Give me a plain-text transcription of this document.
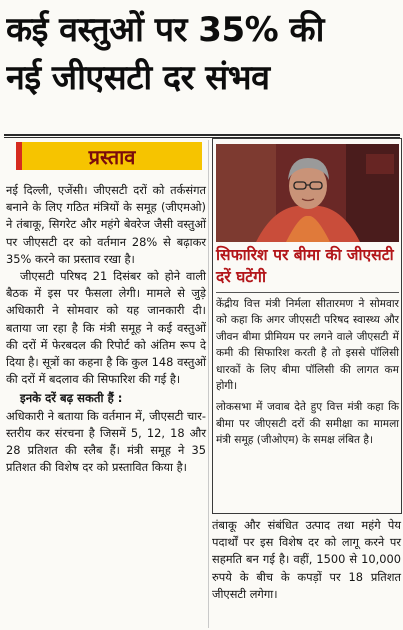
कई वस्तुओं पर 35% की
नई जीएसटी दर संभव
प्रस्ताव

नई दिल्ली, एजेंसी। जीएसटी दरों को तर्कसंगत बनाने के लिए गठित मंत्रियों के समूह (जीएमओ) ने तंबाकू, सिगरेट और महंगे बेवरेज जैसी वस्तुओं पर जीएसटी दर को वर्तमान 28% से बढ़ाकर 35% करने का प्रस्ताव रखा है।

जीएसटी परिषद 21 दिसंबर को होने वाली बैठक में इस पर फैसला लेगी। मामले से जुड़े अधिकारी ने सोमवार को यह जानकारी दी। बताया जा रहा है कि मंत्री समूह ने कई वस्तुओं की दरों में फेरबदल की रिपोर्ट को अंतिम रूप दे दिया है। सूत्रों का कहना है कि कुल 148 वस्तुओं की दरों में बदलाव की सिफारिश की गई है।

इनके दरें बढ़ सकती हैं :

अधिकारी ने बताया कि वर्तमान में, जीएसटी चार-स्तरीय कर संरचना है जिसमें 5, 12, 18 और 28 प्रतिशत की स्लैब हैं। मंत्री समूह ने 35 प्रतिशत की विशेष दर को प्रस्तावित किया है।

सिफारिश पर बीमा की जीएसटी दरें घटेंगी

केंद्रीय वित्त मंत्री निर्मला सीतारमण ने सोमवार को कहा कि अगर जीएसटी परिषद स्वास्थ्य और जीवन बीमा प्रीमियम पर लगने वाले जीएसटी में कमी की सिफारिश करती है तो इससे पॉलिसी धारकों के लिए बीमा पॉलिसी की लागत कम होगी।

लोकसभा में जवाब देते हुए वित्त मंत्री कहा कि बीमा पर जीएसटी दरों की समीक्षा का मामला मंत्री समूह (जीओएम) के समक्ष लंबित है।

तंबाकू और संबंधित उत्पाद तथा महंगे पेय पदार्थों पर इस विशेष दर को लागू करने पर सहमति बन गई है। वहीं, 1500 से 10,000 रुपये के बीच के कपड़ों पर 18 प्रतिशत जीएसटी लगेगा।
